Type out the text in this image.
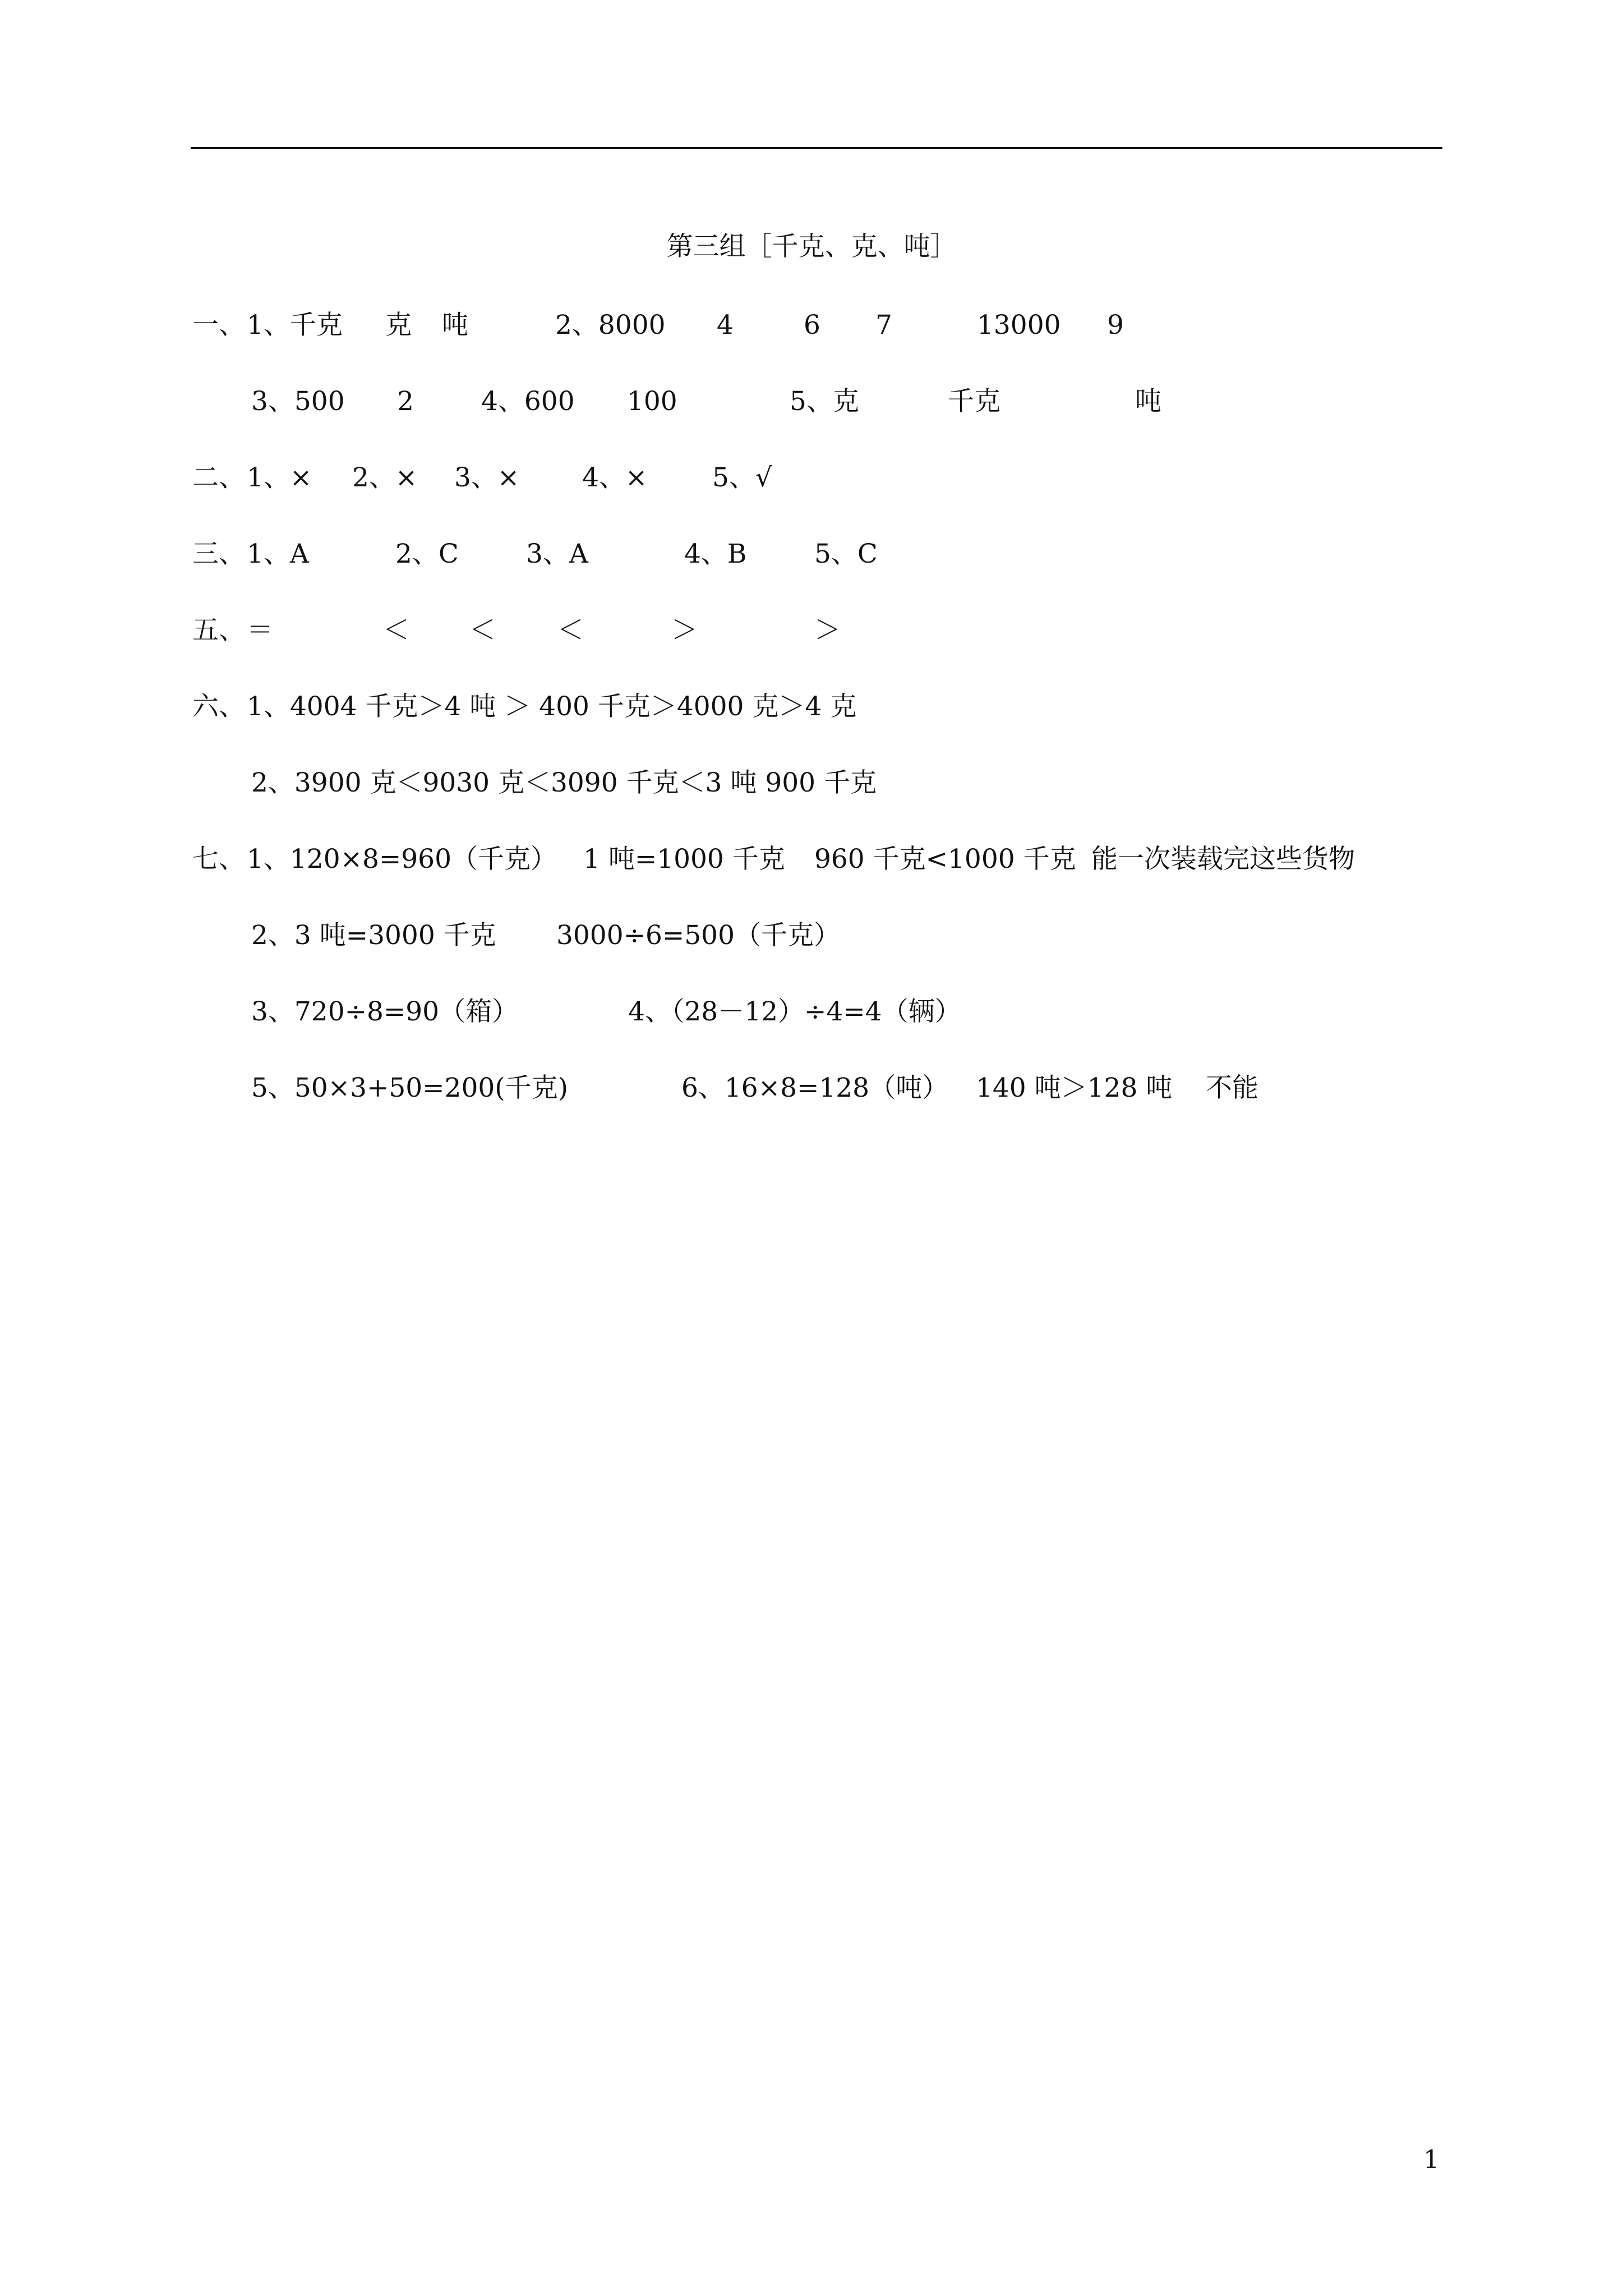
第三组［千克、克、吨］
一、 1、千克 克 吨	2、8000 4	6 7	13000 9
3、500 2	4、600 100	5、克	千克	吨
二、 1、× 2、× 3、× 4、× 5、√
三、 1、A	2、C	3、A	4、B	5、C
五、 ＝	＜ ＜ ＜	＞	＞
六、 1、4004 千克＞4 吨 ＞ 400 千克＞4000 克＞4 克
2、3900 克＜9030 克＜3090 千克＜3 吨 900 千克
七、 1、120×8=960（千克） 1 吨=1000 千克 960 千克<1000 千克 能一次装载完这些货物
2、3 吨=3000 千克 3000÷6=500（千克）
3、720÷8=90（箱）	4、（28－12）÷4=4（辆）
5、50×3+50=200(千克)	6、16×8=128（吨） 140 吨＞128 吨 不能
1
